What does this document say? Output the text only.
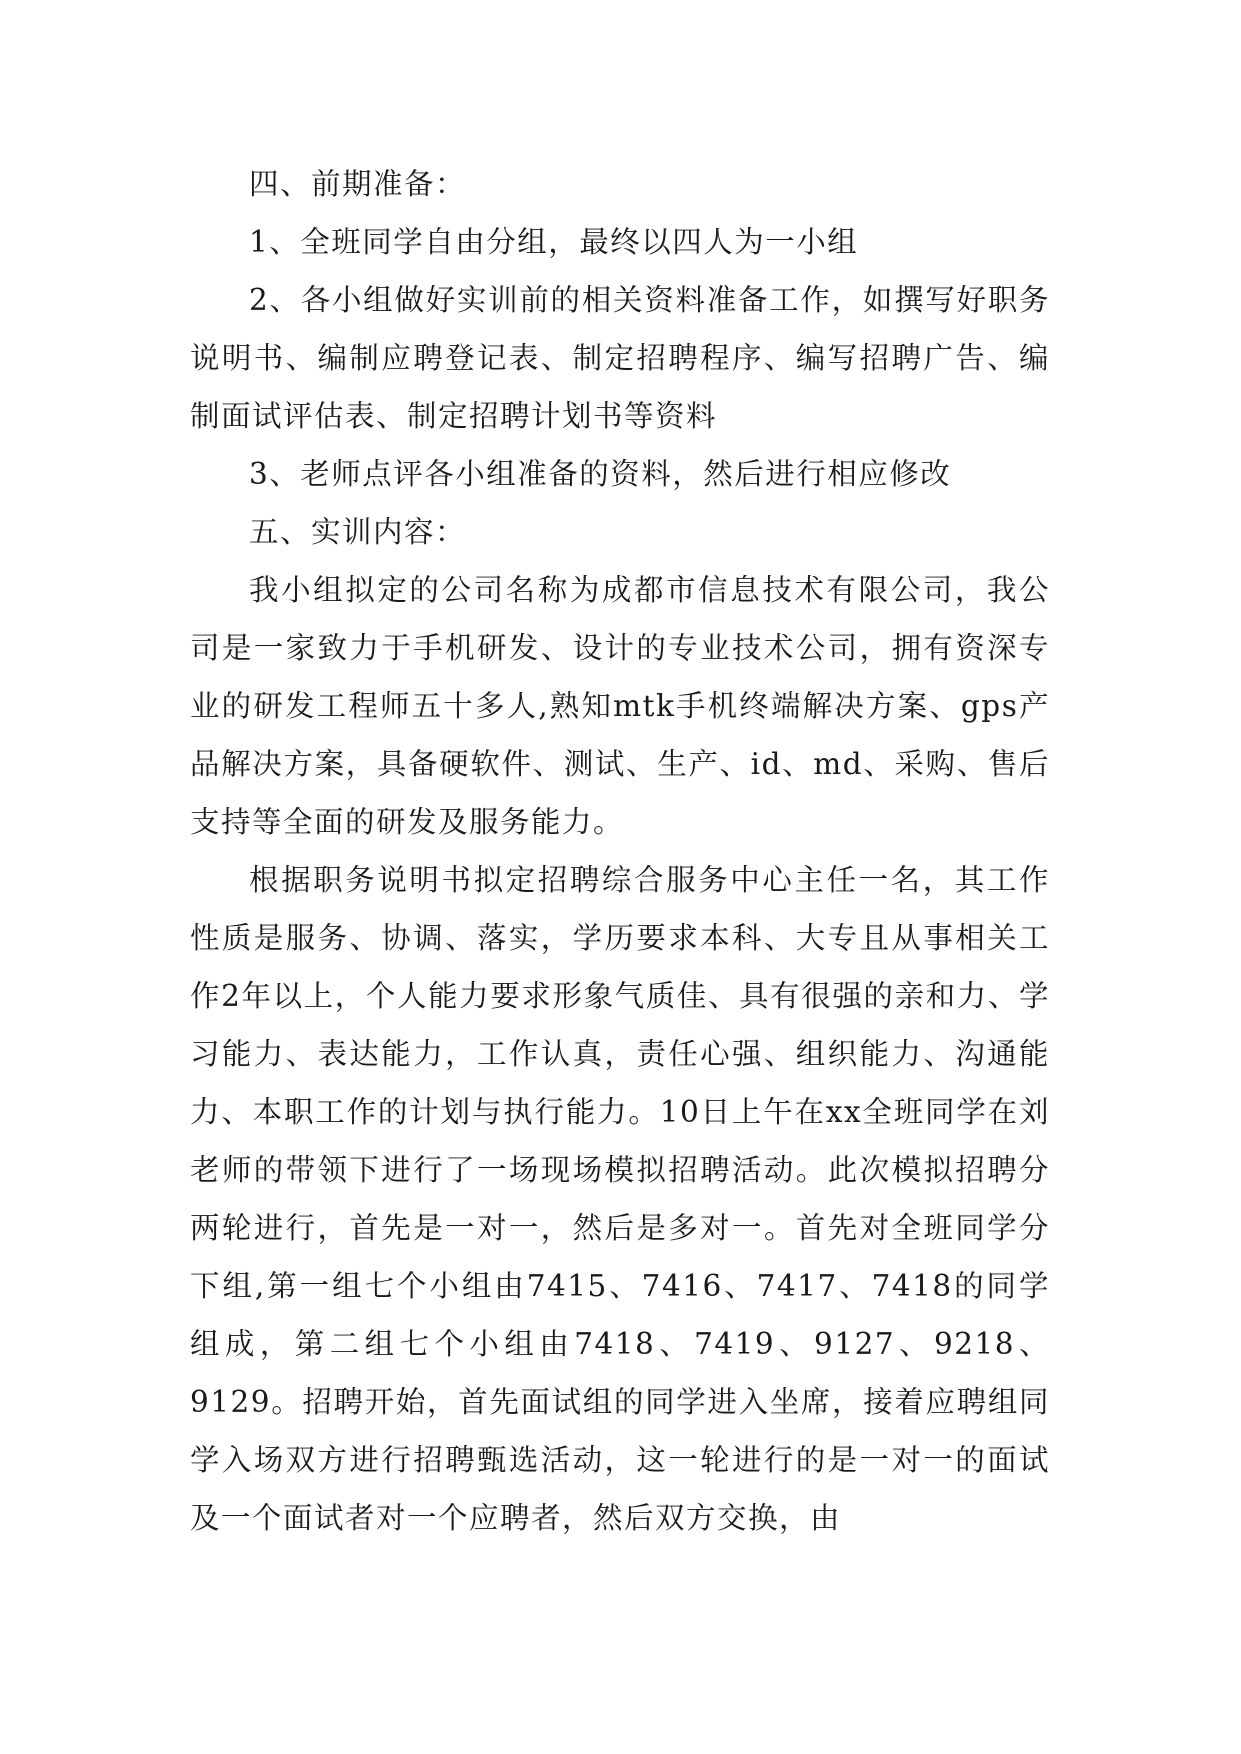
四、前期准备：

1、全班同学自由分组，最终以四人为一小组

2、各小组做好实训前的相关资料准备工作，如撰写好职务说明书、编制应聘登记表、制定招聘程序、编写招聘广告、编制面试评估表、制定招聘计划书等资料

3、老师点评各小组准备的资料，然后进行相应修改

五、实训内容：

我小组拟定的公司名称为成都市信息技术有限公司，我公司是一家致力于手机研发、设计的专业技术公司，拥有资深专业的研发工程师五十多人,熟知mtk手机终端解决方案、gps产品解决方案，具备硬软件、测试、生产、id、md、采购、售后支持等全面的研发及服务能力。

根据职务说明书拟定招聘综合服务中心主任一名，其工作性质是服务、协调、落实，学历要求本科、大专且从事相关工作2年以上，个人能力要求形象气质佳、具有很强的亲和力、学习能力、表达能力，工作认真，责任心强、组织能力、沟通能力、本职工作的计划与执行能力。10日上午在xx全班同学在刘老师的带领下进行了一场现场模拟招聘活动。此次模拟招聘分两轮进行，首先是一对一，然后是多对一。首先对全班同学分下组,第一组七个小组由7415、7416、7417、7418的同学组成，第二组七个小组由7418、7419、9127、9218、9129。招聘开始，首先面试组的同学进入坐席，接着应聘组同学入场双方进行招聘甄选活动，这一轮进行的是一对一的面试及一个面试者对一个应聘者，然后双方交换，由
